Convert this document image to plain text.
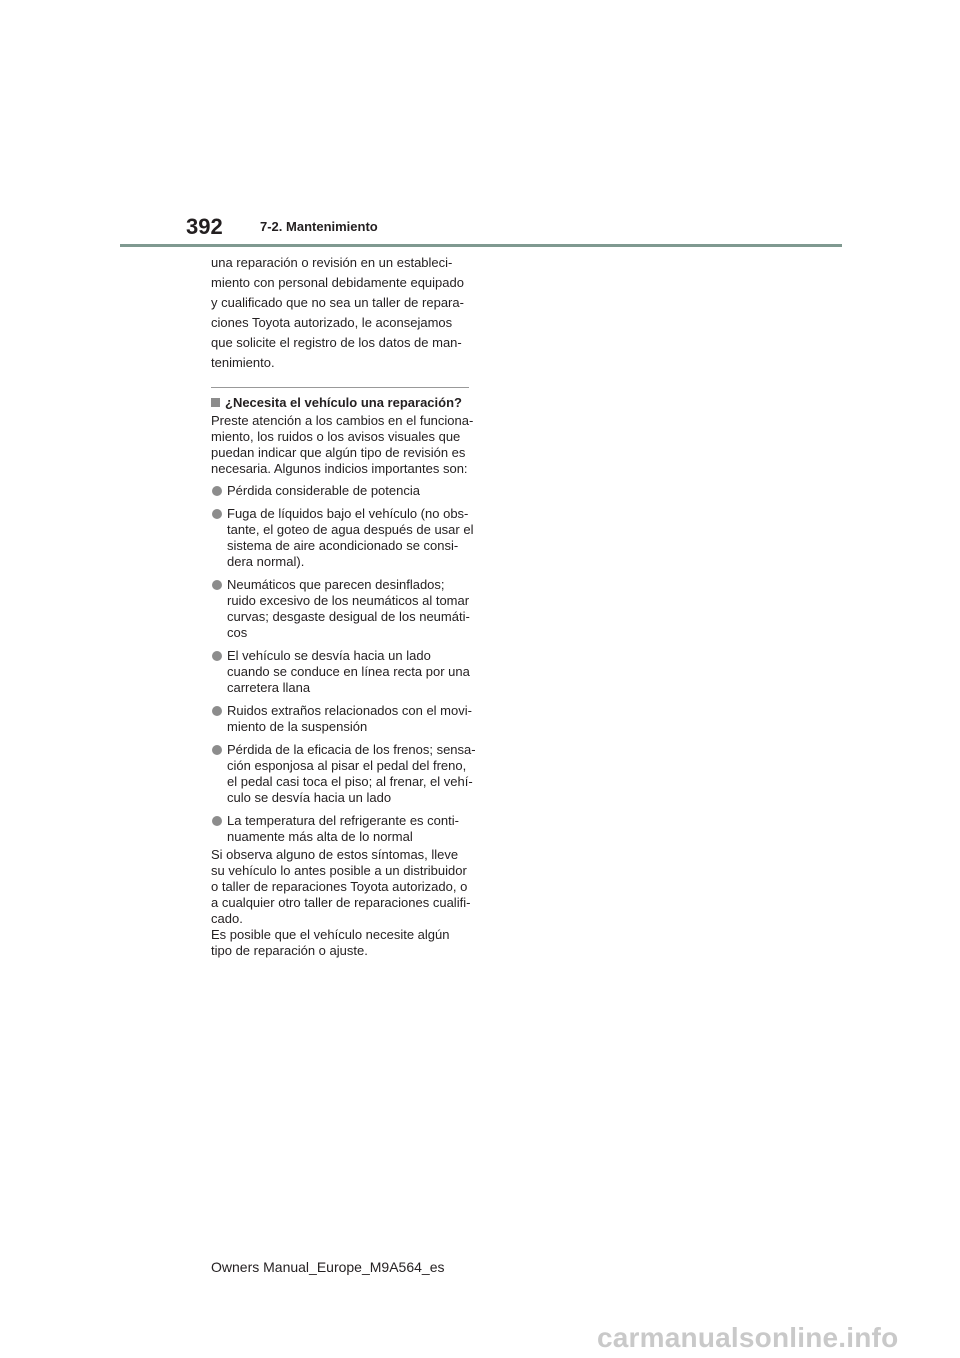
392	7-2. Mantenimiento
una reparación o revisión en un estableci-
miento con personal debidamente equipado
y cualificado que no sea un taller de repara-
ciones Toyota autorizado, le aconsejamos
que solicite el registro de los datos de man-
tenimiento.
¿Necesita el vehículo una reparación?
Preste atención a los cambios en el funciona-
miento, los ruidos o los avisos visuales que
puedan indicar que algún tipo de revisión es
necesaria. Algunos indicios importantes son:
Pérdida considerable de potencia
Fuga de líquidos bajo el vehículo (no obs-
tante, el goteo de agua después de usar el
sistema de aire acondicionado se consi-
dera normal).
Neumáticos que parecen desinflados;
ruido excesivo de los neumáticos al tomar
curvas; desgaste desigual de los neumáti-
cos
El vehículo se desvía hacia un lado
cuando se conduce en línea recta por una
carretera llana
Ruidos extraños relacionados con el movi-
miento de la suspensión
Pérdida de la eficacia de los frenos; sensa-
ción esponjosa al pisar el pedal del freno,
el pedal casi toca el piso; al frenar, el vehí-
culo se desvía hacia un lado
La temperatura del refrigerante es conti-
nuamente más alta de lo normal
Si observa alguno de estos síntomas, lleve
su vehículo lo antes posible a un distribuidor
o taller de reparaciones Toyota autorizado, o
a cualquier otro taller de reparaciones cualifi-
cado.
Es posible que el vehículo necesite algún
tipo de reparación o ajuste.
Owners Manual_Europe_M9A564_es
carmanualsonline.info
